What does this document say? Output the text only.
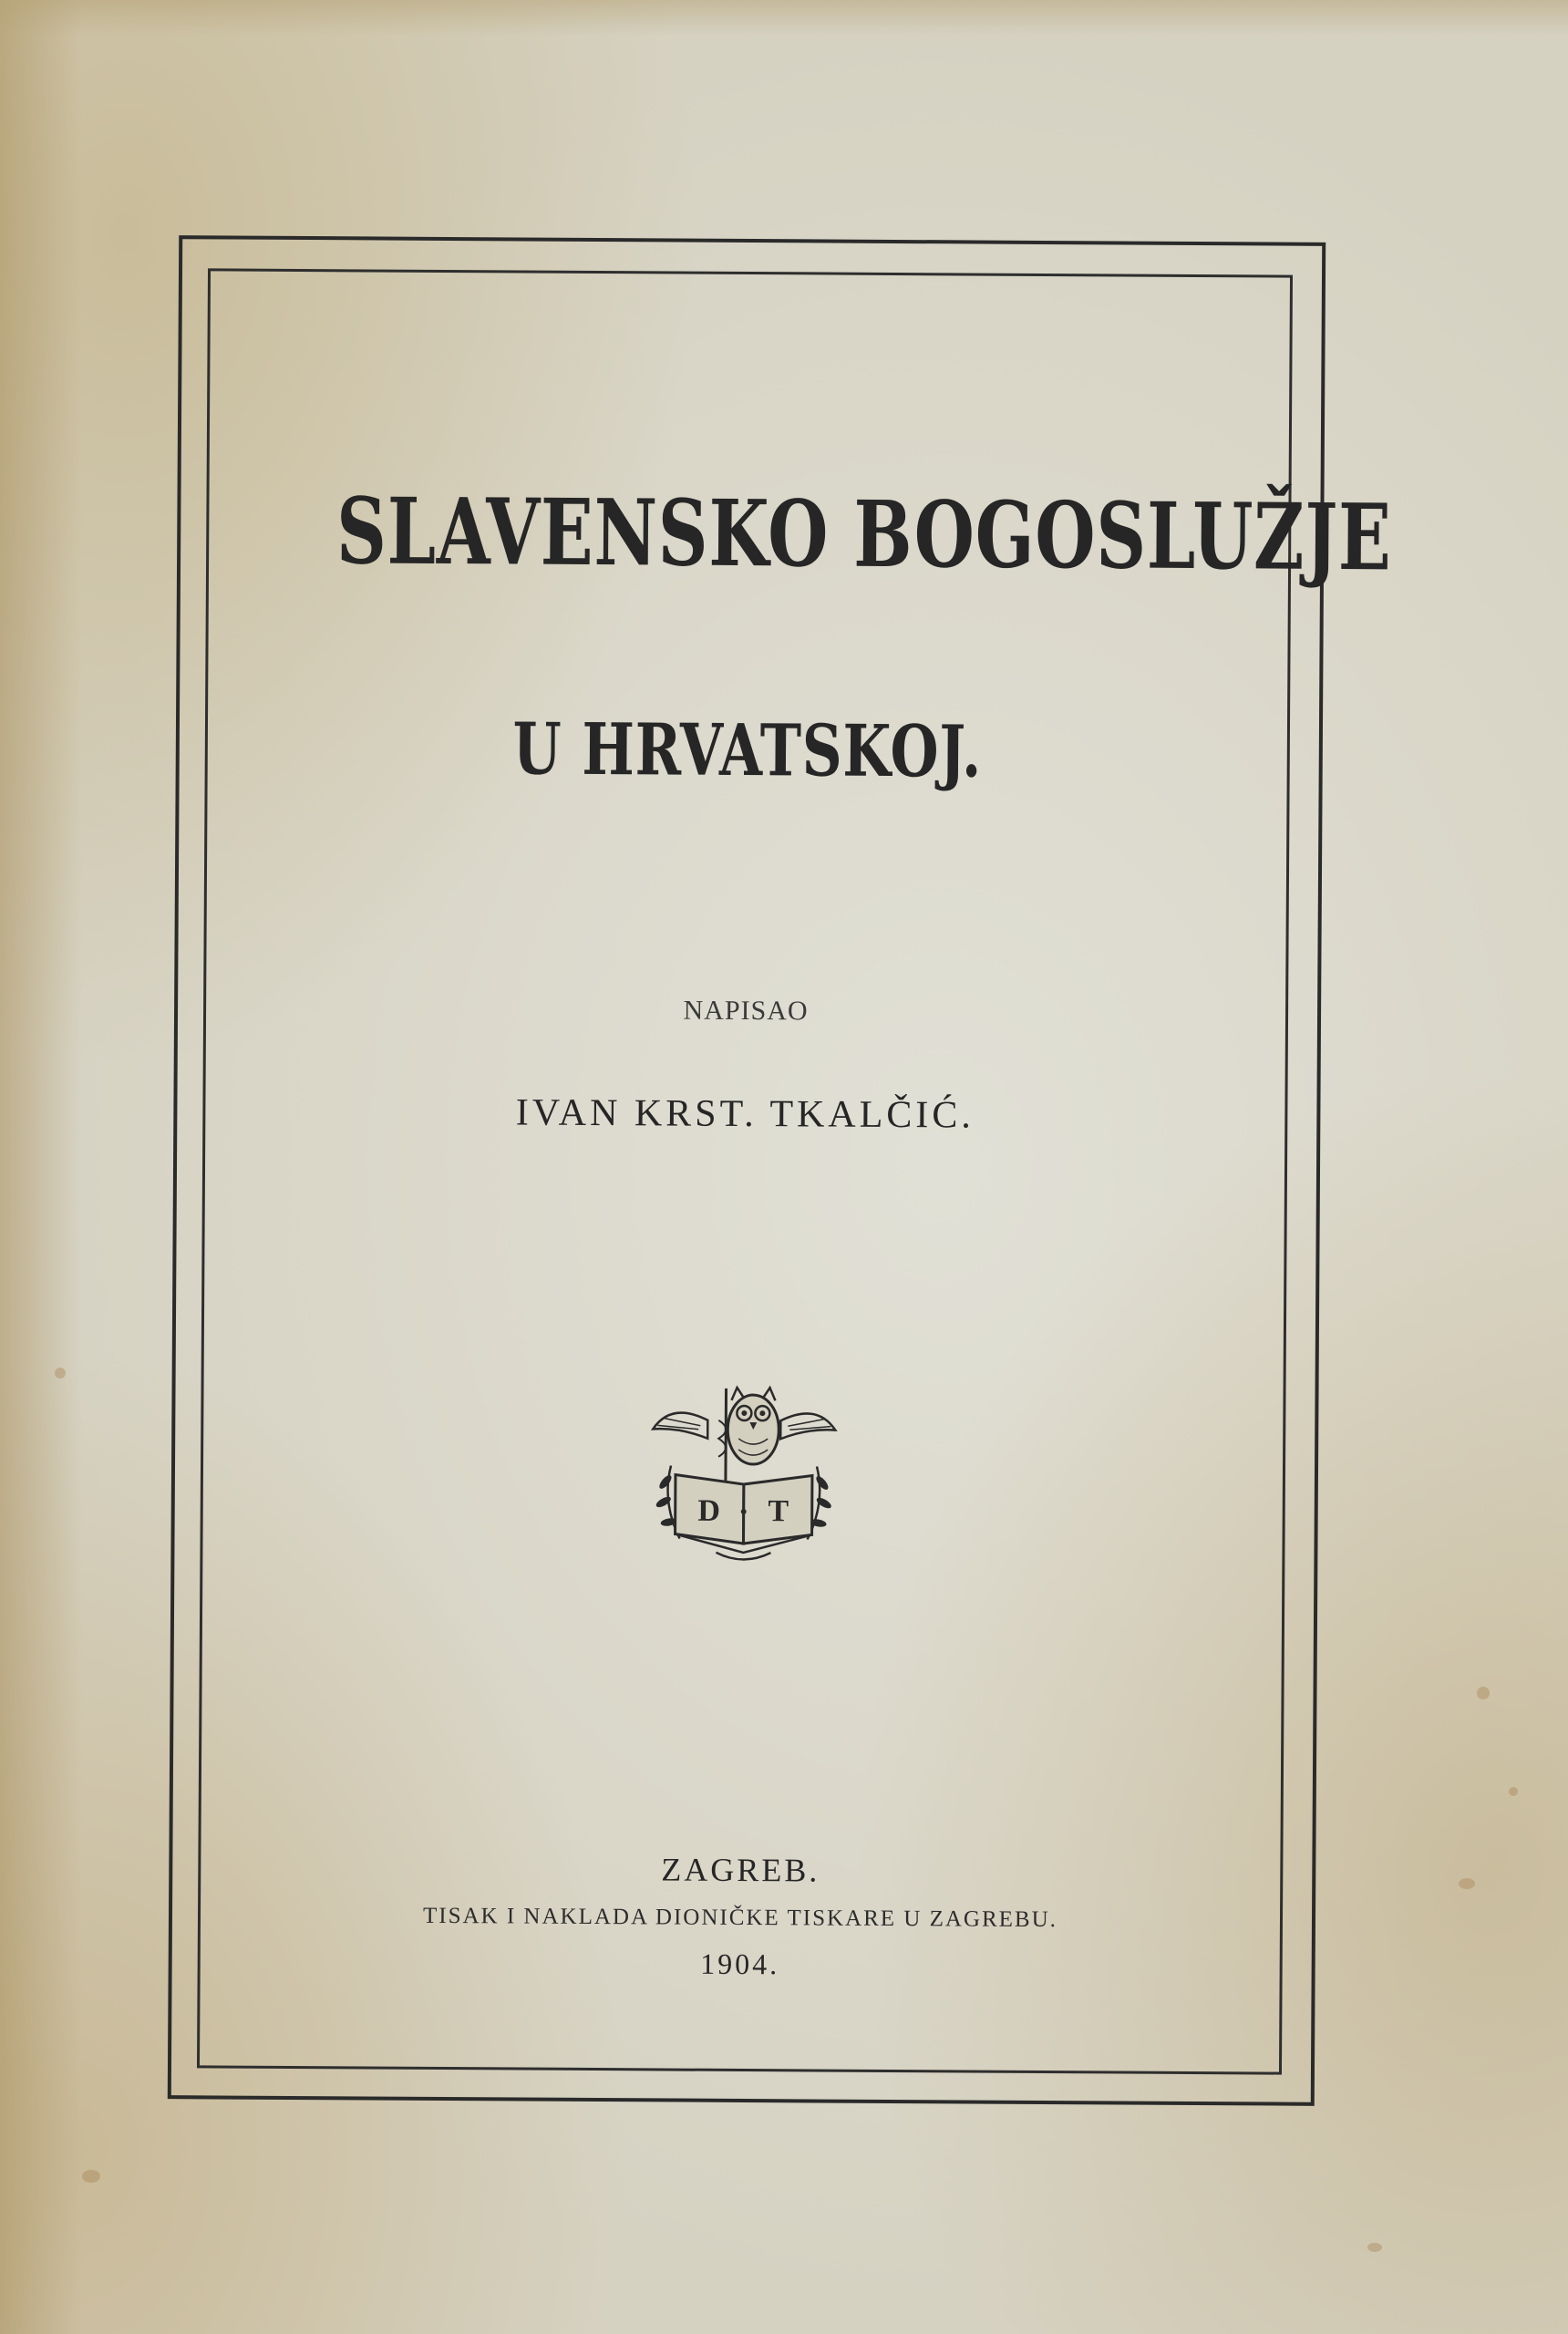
SLAVENSKO BOGOSLUŽJE
U HRVATSKOJ.
NAPISAO
IVAN KRST. TKALČIĆ.
D T
ZAGREB.
TISAK I NAKLADA DIONIČKE TISKARE U ZAGREBU.
1904.
